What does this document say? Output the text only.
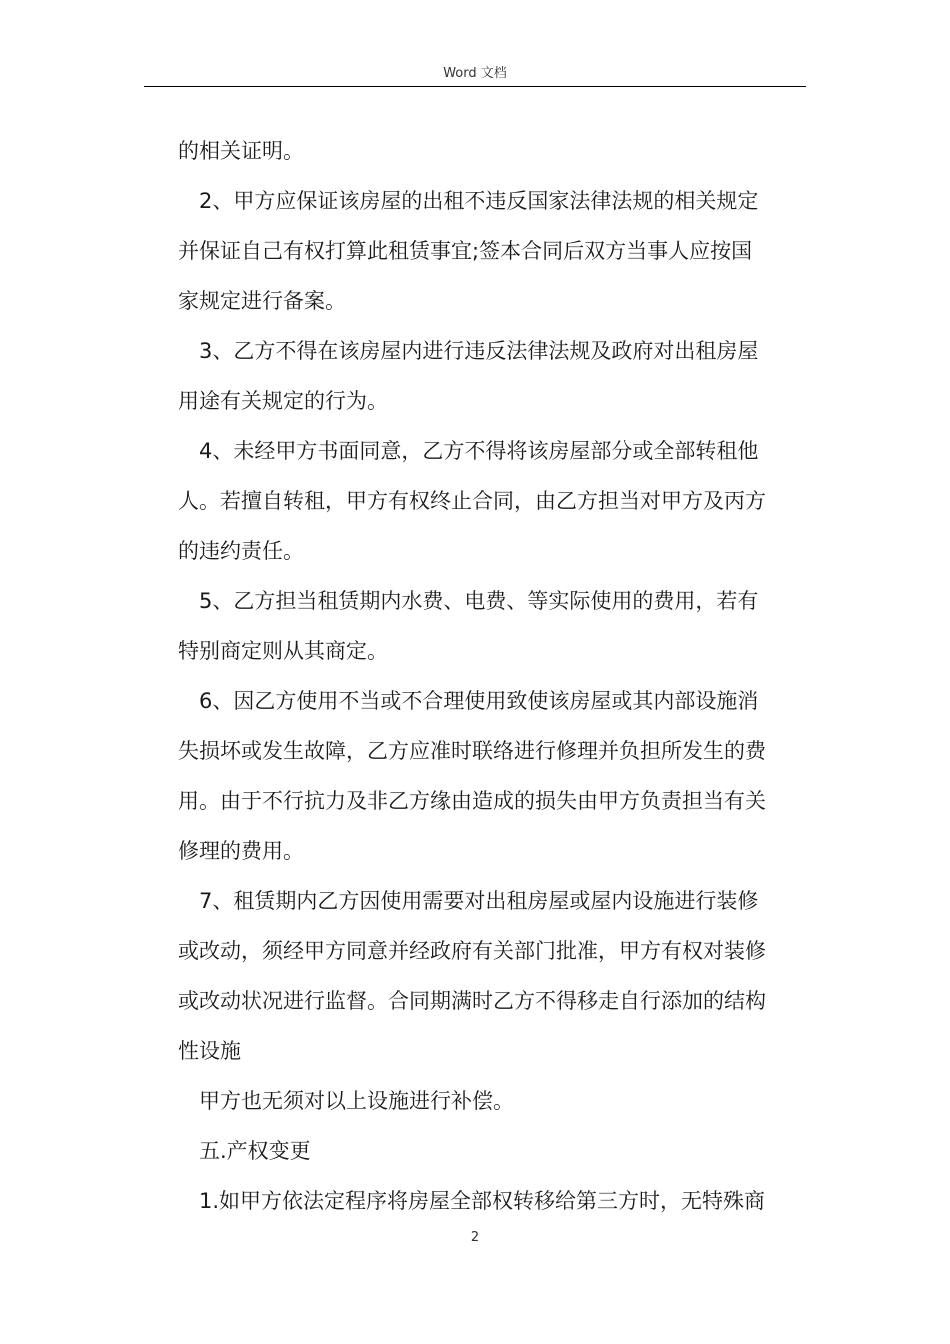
Word 文档
的相关证明。
2、甲方应保证该房屋的出租不违反国家法律法规的相关规定
并保证自己有权打算此租赁事宜;签本合同后双方当事人应按国
家规定进行备案。
3、乙方不得在该房屋内进行违反法律法规及政府对出租房屋
用途有关规定的行为。
4、未经甲方书面同意，乙方不得将该房屋部分或全部转租他
人。若擅自转租，甲方有权终止合同，由乙方担当对甲方及丙方
的违约责任。
5、乙方担当租赁期内水费、电费、等实际使用的费用，若有
特别商定则从其商定。
6、因乙方使用不当或不合理使用致使该房屋或其内部设施消
失损坏或发生故障，乙方应准时联络进行修理并负担所发生的费
用。由于不行抗力及非乙方缘由造成的损失由甲方负责担当有关
修理的费用。
7、租赁期内乙方因使用需要对出租房屋或屋内设施进行装修
或改动，须经甲方同意并经政府有关部门批准，甲方有权对装修
或改动状况进行监督。合同期满时乙方不得移走自行添加的结构
性设施
甲方也无须对以上设施进行补偿。
五.产权变更
1.如甲方依法定程序将房屋全部权转移给第三方时，无特殊商
2
